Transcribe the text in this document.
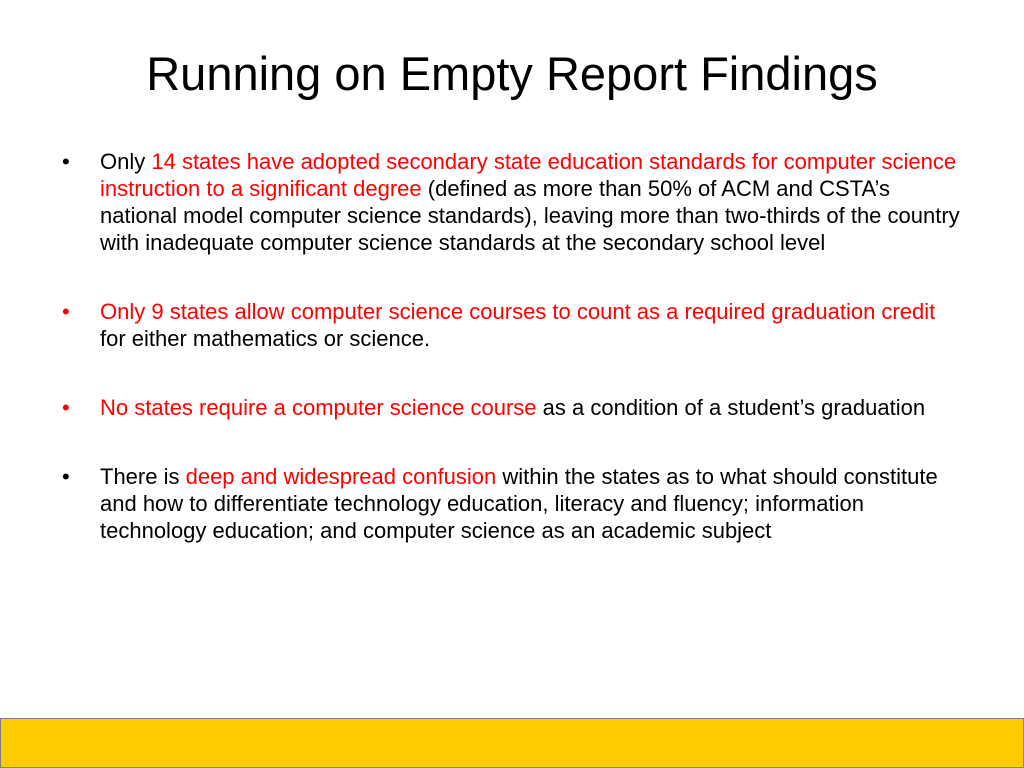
Running on Empty Report Findings
•	Only 14 states have adopted secondary state education standards for computer science instruction to a significant degree (defined as more than 50% of ACM and CSTA’s national model computer science standards), leaving more than two-thirds of the country with inadequate computer science standards at the secondary school level
•	Only 9 states allow computer science courses to count as a required graduation credit for either mathematics or science.
•	No states require a computer science course as a condition of a student’s graduation
•	There is deep and widespread confusion within the states as to what should constitute and how to differentiate technology education, literacy and fluency; information technology education; and computer science as an academic subject
